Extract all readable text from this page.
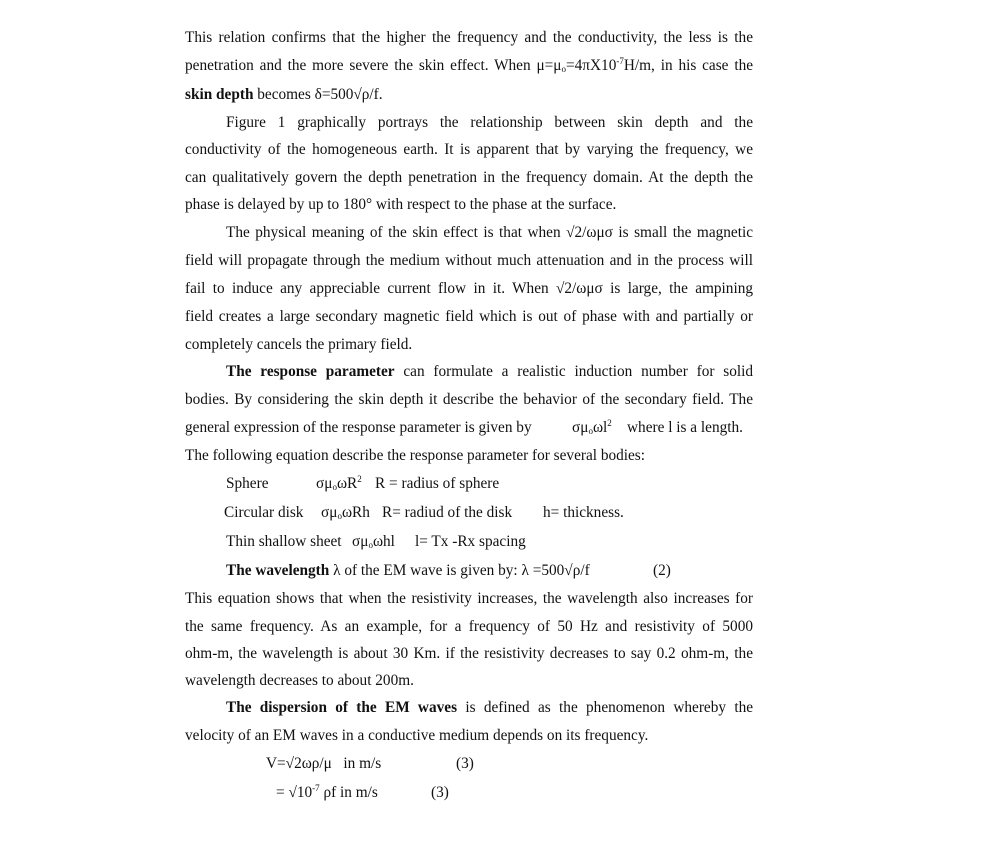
This relation confirms that the higher the frequency and the conductivity, the less is the
penetration and the more severe the skin effect. When $\mu=\mu_o=4\pi X10^{-7}H/m$, in his case the
skin depth becomes δ=500√ρ/f.
Figure 1 graphically portrays the relationship between skin depth and the
conductivity of the homogeneous earth. It is apparent that by varying the frequency, we
can qualitatively govern the depth penetration in the frequency domain. At the depth the
phase is delayed by up to 180° with respect to the phase at the surface.
The physical meaning of the skin effect is that when √2/ωμσ is small the magnetic
field will propagate through the medium without much attenuation and in the process will
fail to induce any appreciable current flow in it. When √2/ωμσ is large, the ampining
field creates a large secondary magnetic field which is out of phase with and partially or
completely cancels the primary field.
The response parameter can formulate a realistic induction number for solid
bodies. By considering the skin depth it describe the behavior of the secondary field. The
general expression of the response parameter is given by	$\sigma\mu_o\omega l^2$ where l is a length.
The following equation describe the response parameter for several bodies:
Sphere	$\sigma\mu_o\omega R^2$ R = radius of sphere
Circular disk $\sigma\mu_o\omega Rh$ R= radiud of the disk h= thickness.
Thin shallow sheet $\sigma\mu_o\omega hl$ l= Tx -Rx spacing
The wavelength λ of the EM wave is given by: λ =500√ρ/f	(2)
This equation shows that when the resistivity increases, the wavelength also increases for
the same frequency. As an example, for a frequency of 50 Hz and resistivity of 5000
ohm-m, the wavelength is about 30 Km. if the resistivity decreases to say 0.2 ohm-m, the
wavelength decreases to about 200m.
The dispersion of the EM waves is defined as the phenomenon whereby the
velocity of an EM waves in a conductive medium depends on its frequency.
V=√2ωρ/μ   in m/s	(3)
= $√10^{-7}$ ρf in m/s	(3)
